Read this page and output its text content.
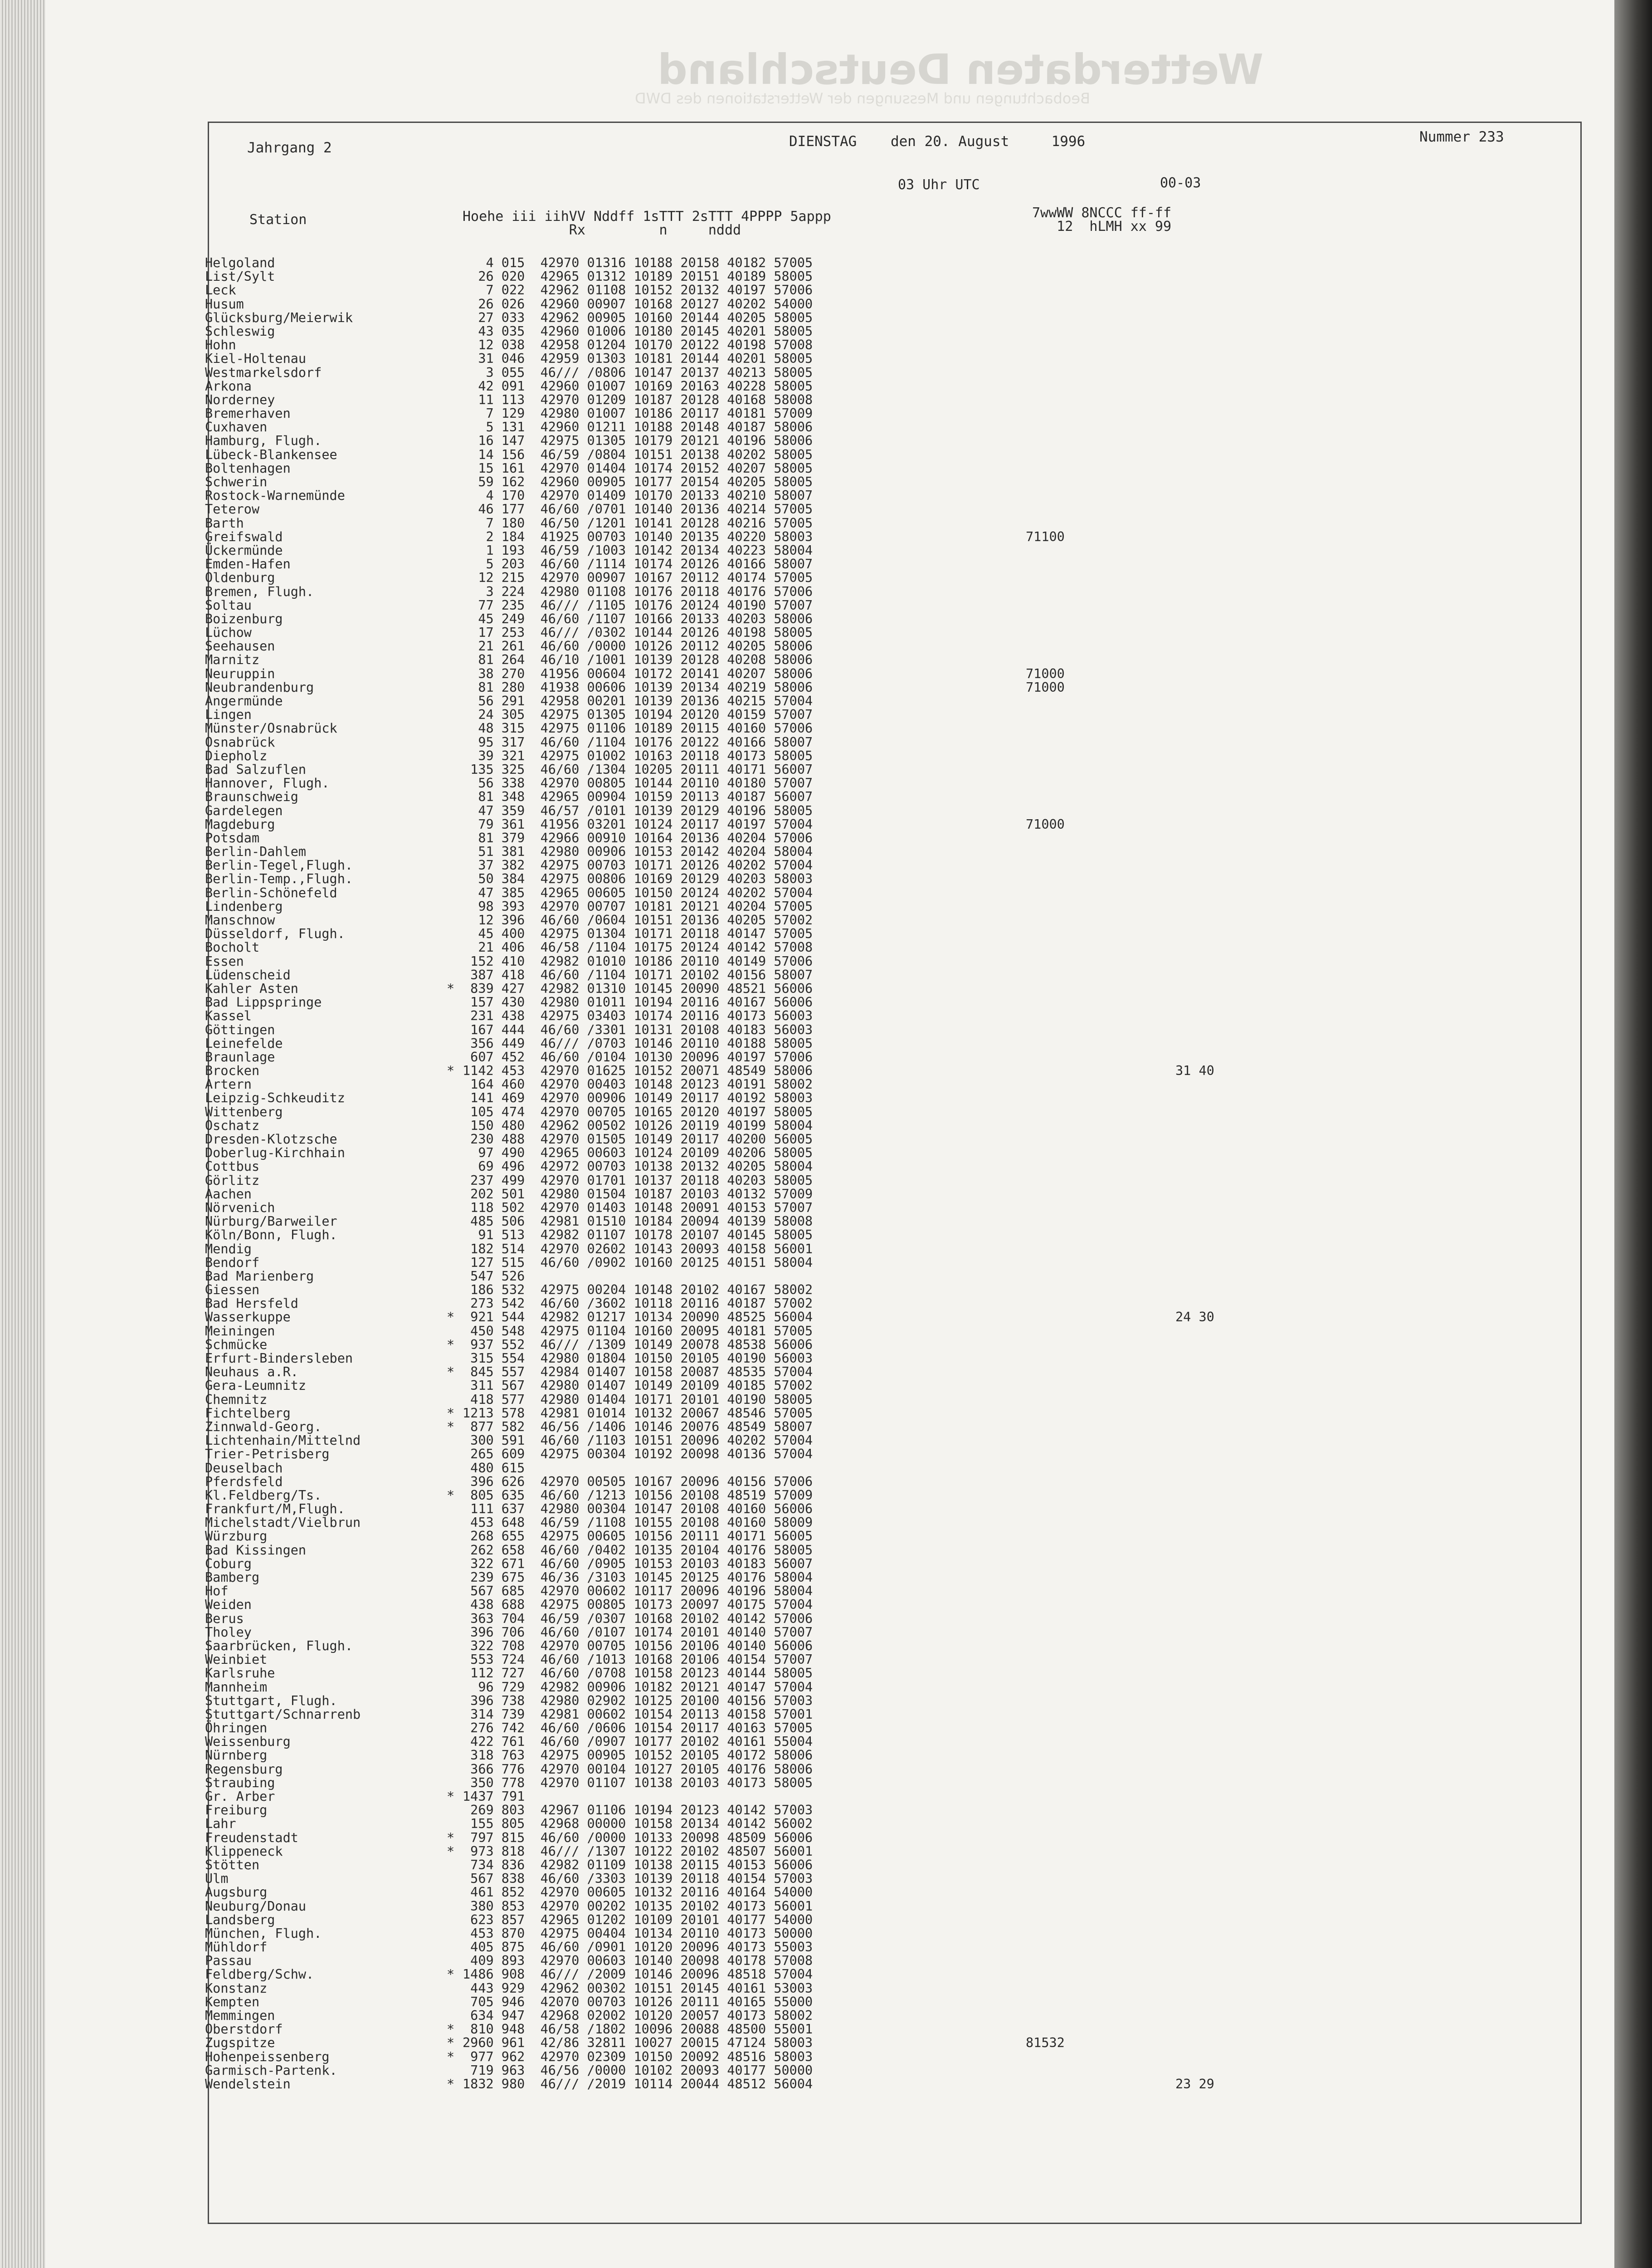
Wetterdaten Deutschland
Beobachtungen und Messungen der Wetterstationen des DWD
Jahrgang 2	DIENSTAG    den 20. August     1996	Nummer 233
03 Uhr UTC	00-03
Station	Hoehe iii iihVV Nddff 1sTTT 2sTTT 4PPPP 5appp
Rx         n     nddd
7wwWW 8NCCC ff-ff
12  hLMH xx 99
Helgoland	4 015  42970 01316 10188 20158 40182 57005
List/Sylt	26 020  42965 01312 10189 20151 40189 58005
Leck	7 022  42962 01108 10152 20132 40197 57006
Husum	26 026  42960 00907 10168 20127 40202 54000
Glücksburg/Meierwik	27 033  42962 00905 10160 20144 40205 58005
Schleswig	43 035  42960 01006 10180 20145 40201 58005
Hohn	12 038  42958 01204 10170 20122 40198 57008
Kiel-Holtenau	31 046  42959 01303 10181 20144 40201 58005
Westmarkelsdorf	3 055  46/// /0806 10147 20137 40213 58005
Arkona	42 091  42960 01007 10169 20163 40228 58005
Norderney	11 113  42970 01209 10187 20128 40168 58008
Bremerhaven	7 129  42980 01007 10186 20117 40181 57009
Cuxhaven	5 131  42960 01211 10188 20148 40187 58006
Hamburg, Flugh.	16 147  42975 01305 10179 20121 40196 58006
Lübeck-Blankensee	14 156  46/59 /0804 10151 20138 40202 58005
Boltenhagen	15 161  42970 01404 10174 20152 40207 58005
Schwerin	59 162  42960 00905 10177 20154 40205 58005
Rostock-Warnemünde	4 170  42970 01409 10170 20133 40210 58007
Teterow	46 177  46/60 /0701 10140 20136 40214 57005
Barth	7 180  46/50 /1201 10141 20128 40216 57005
Greifswald	2 184  41925 00703 10140 20135 40220 58003	71100
Ückermünde	1 193  46/59 /1003 10142 20134 40223 58004
Emden-Hafen	5 203  46/60 /1114 10174 20126 40166 58007
Oldenburg	12 215  42970 00907 10167 20112 40174 57005
Bremen, Flugh.	3 224  42980 01108 10176 20118 40176 57006
Soltau	77 235  46/// /1105 10176 20124 40190 57007
Boizenburg	45 249  46/60 /1107 10166 20133 40203 58006
Lüchow	17 253  46/// /0302 10144 20126 40198 58005
Seehausen	21 261  46/60 /0000 10126 20112 40205 58006
Marnitz	81 264  46/10 /1001 10139 20128 40208 58006
Neuruppin	38 270  41956 00604 10172 20141 40207 58006	71000
Neubrandenburg	81 280  41938 00606 10139 20134 40219 58006	71000
Angermünde	56 291  42958 00201 10139 20136 40215 57004
Lingen	24 305  42975 01305 10194 20120 40159 57007
Münster/Osnabrück	48 315  42975 01106 10189 20115 40160 57006
Osnabrück	95 317  46/60 /1104 10176 20122 40166 58007
Diepholz	39 321  42975 01002 10163 20118 40173 58005
Bad Salzuflen	135 325  46/60 /1304 10205 20111 40171 56007
Hannover, Flugh.	56 338  42970 00805 10144 20110 40180 57007
Braunschweig	81 348  42965 00904 10159 20113 40187 56007
Gardelegen	47 359  46/57 /0101 10139 20129 40196 58005
Magdeburg	79 361  41956 03201 10124 20117 40197 57004	71000
Potsdam	81 379  42966 00910 10164 20136 40204 57006
Berlin-Dahlem	51 381  42980 00906 10153 20142 40204 58004
Berlin-Tegel,Flugh.	37 382  42975 00703 10171 20126 40202 57004
Berlin-Temp.,Flugh.	50 384  42975 00806 10169 20129 40203 58003
Berlin-Schönefeld	47 385  42965 00605 10150 20124 40202 57004
Lindenberg	98 393  42970 00707 10181 20121 40204 57005
Manschnow	12 396  46/60 /0604 10151 20136 40205 57002
Düsseldorf, Flugh.	45 400  42975 01304 10171 20118 40147 57005
Bocholt	21 406  46/58 /1104 10175 20124 40142 57008
Essen	152 410  42982 01010 10186 20110 40149 57006
Lüdenscheid	387 418  46/60 /1104 10171 20102 40156 58007
Kahler Asten	* 839 427  42982 01310 10145 20090 48521 56006
Bad Lippspringe	157 430  42980 01011 10194 20116 40167 56006
Kassel	231 438  42975 03403 10174 20116 40173 56003
Göttingen	167 444  46/60 /3301 10131 20108 40183 56003
Leinefelde	356 449  46/// /0703 10146 20110 40188 58005
Braunlage	607 452  46/60 /0104 10130 20096 40197 57006
Brocken	* 1142 453  42970 01625 10152 20071 48549 58006	31 40
Artern	164 460  42970 00403 10148 20123 40191 58002
Leipzig-Schkeuditz	141 469  42970 00906 10149 20117 40192 58003
Wittenberg	105 474  42970 00705 10165 20120 40197 58005
Oschatz	150 480  42962 00502 10126 20119 40199 58004
Dresden-Klotzsche	230 488  42970 01505 10149 20117 40200 56005
Doberlug-Kirchhain	97 490  42965 00603 10124 20109 40206 58005
Cottbus	69 496  42972 00703 10138 20132 40205 58004
Görlitz	237 499  42970 01701 10137 20118 40203 58005
Aachen	202 501  42980 01504 10187 20103 40132 57009
Nörvenich	118 502  42970 01403 10148 20091 40153 57007
Nürburg/Barweiler	485 506  42981 01510 10184 20094 40139 58008
Köln/Bonn, Flugh.	91 513  42982 01107 10178 20107 40145 58005
Mendig	182 514  42970 02602 10143 20093 40158 56001
Bendorf	127 515  46/60 /0902 10160 20125 40151 58004
Bad Marienberg	547 526
Giessen	186 532  42975 00204 10148 20102 40167 58002
Bad Hersfeld	273 542  46/60 /3602 10118 20116 40187 57002
Wasserkuppe	* 921 544  42982 01217 10134 20090 48525 56004	24 30
Meiningen	450 548  42975 01104 10160 20095 40181 57005
Schmücke	* 937 552  46/// /1309 10149 20078 48538 56006
Erfurt-Bindersleben	315 554  42980 01804 10150 20105 40190 56003
Neuhaus a.R.	* 845 557  42984 01407 10158 20087 48535 57004
Gera-Leumnitz	311 567  42980 01407 10149 20109 40185 57002
Chemnitz	418 577  42980 01404 10171 20101 40190 58005
Fichtelberg	* 1213 578  42981 01014 10132 20067 48546 57005
Zinnwald-Georg.	* 877 582  46/56 /1406 10146 20076 48549 58007
Lichtenhain/Mittelnd	300 591  46/60 /1103 10151 20096 40202 57004
Trier-Petrisberg	265 609  42975 00304 10192 20098 40136 57004
Deuselbach	480 615
Pferdsfeld	396 626  42970 00505 10167 20096 40156 57006
Kl.Feldberg/Ts.	* 805 635  46/60 /1213 10156 20108 48519 57009
Frankfurt/M,Flugh.	111 637  42980 00304 10147 20108 40160 56006
Michelstadt/Vielbrun	453 648  46/59 /1108 10155 20108 40160 58009
Würzburg	268 655  42975 00605 10156 20111 40171 56005
Bad Kissingen	262 658  46/60 /0402 10135 20104 40176 58005
Coburg	322 671  46/60 /0905 10153 20103 40183 56007
Bamberg	239 675  46/36 /3103 10145 20125 40176 58004
Hof	567 685  42970 00602 10117 20096 40196 58004
Weiden	438 688  42975 00805 10173 20097 40175 57004
Berus	363 704  46/59 /0307 10168 20102 40142 57006
Tholey	396 706  46/60 /0107 10174 20101 40140 57007
Saarbrücken, Flugh.	322 708  42970 00705 10156 20106 40140 56006
Weinbiet	553 724  46/60 /1013 10168 20106 40154 57007
Karlsruhe	112 727  46/60 /0708 10158 20123 40144 58005
Mannheim	96 729  42982 00906 10182 20121 40147 57004
Stuttgart, Flugh.	396 738  42980 02902 10125 20100 40156 57003
Stuttgart/Schnarrenb	314 739  42981 00602 10154 20113 40158 57001
Öhringen	276 742  46/60 /0606 10154 20117 40163 57005
Weissenburg	422 761  46/60 /0907 10177 20102 40161 55004
Nürnberg	318 763  42975 00905 10152 20105 40172 58006
Regensburg	366 776  42970 00104 10127 20105 40176 58006
Straubing	350 778  42970 01107 10138 20103 40173 58005
Gr. Arber	* 1437 791
Freiburg	269 803  42967 01106 10194 20123 40142 57003
Lahr	155 805  42968 00000 10158 20134 40142 56002
Freudenstadt	* 797 815  46/60 /0000 10133 20098 48509 56006
Klippeneck	* 973 818  46/// /1307 10122 20102 48507 56001
Stötten	734 836  42982 01109 10138 20115 40153 56006
Ulm	567 838  46/60 /3303 10139 20118 40154 57003
Augsburg	461 852  42970 00605 10132 20116 40164 54000
Neuburg/Donau	380 853  42970 00202 10135 20102 40173 56001
Landsberg	623 857  42965 01202 10109 20101 40177 54000
München, Flugh.	453 870  42975 00404 10134 20110 40173 50000
Mühldorf	405 875  46/60 /0901 10120 20096 40173 55003
Passau	409 893  42970 00603 10140 20098 40178 57008
Feldberg/Schw.	* 1486 908  46/// /2009 10146 20096 48518 57004
Konstanz	443 929  42962 00302 10151 20145 40161 53003
Kempten	705 946  42070 00703 10126 20111 40165 55000
Memmingen	634 947  42968 02002 10120 20057 40173 58002
Oberstdorf	* 810 948  46/58 /1802 10096 20088 48500 55001
Zugspitze	* 2960 961  42/86 32811 10027 20015 47124 58003	81532
Hohenpeissenberg	* 977 962  42970 02309 10150 20092 48516 58003
Garmisch-Partenk.	719 963  46/56 /0000 10102 20093 40177 50000
Wendelstein	* 1832 980  46/// /2019 10114 20044 48512 56004	23 29
